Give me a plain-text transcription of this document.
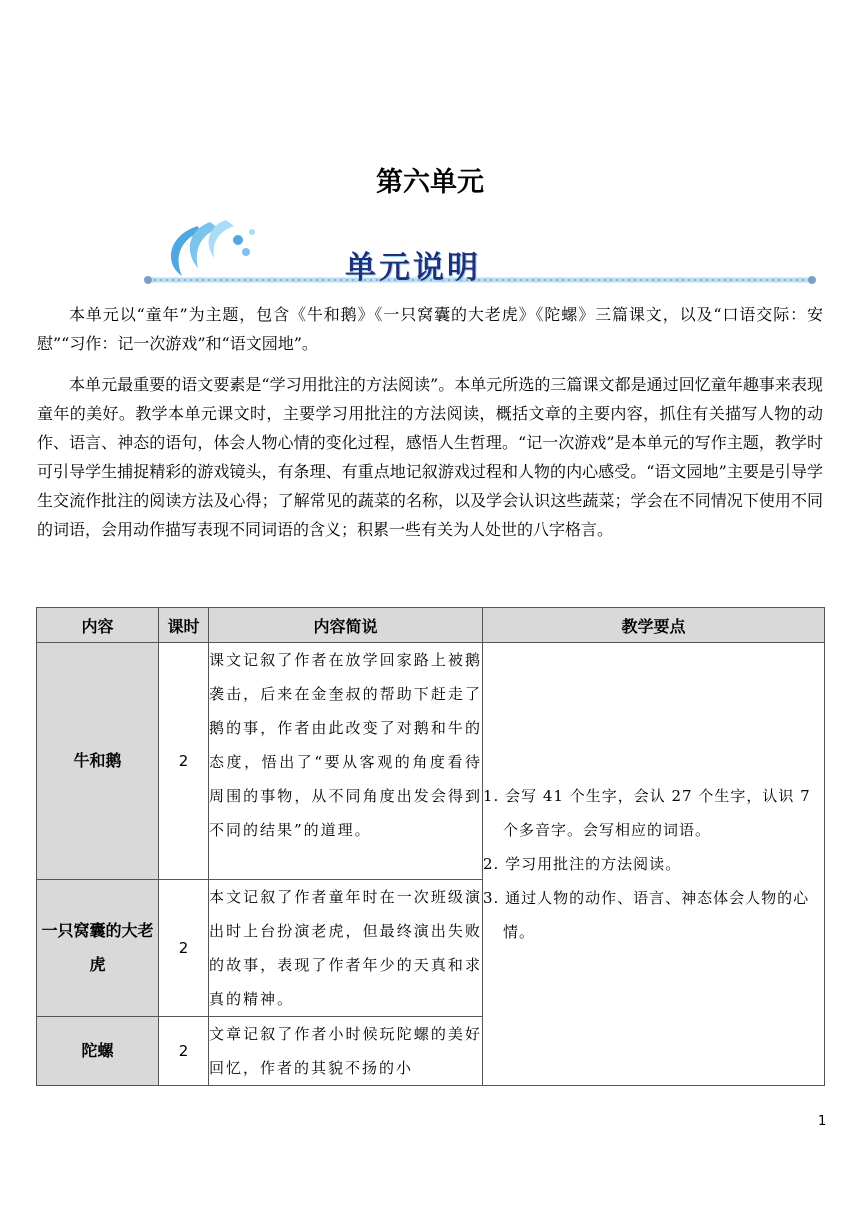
第六单元
单元说明

本单元以“童年”为主题，包含《牛和鹅》《一只窝囊的大老虎》《陀螺》三篇课文，以及“口语交际：安慰”“习作：记一次游戏”和“语文园地”。

本单元最重要的语文要素是“学习用批注的方法阅读”。本单元所选的三篇课文都是通过回忆童年趣事来表现童年的美好。教学本单元课文时，主要学习用批注的方法阅读，概括文章的主要内容，抓住有关描写人物的动作、语言、神态的语句，体会人物心情的变化过程，感悟人生哲理。“记一次游戏”是本单元的写作主题，教学时可引导学生捕捉精彩的游戏镜头，有条理、有重点地记叙游戏过程和人物的内心感受。“语文园地”主要是引导学生交流作批注的阅读方法及心得；了解常见的蔬菜的名称，以及学会认识这些蔬菜；学会在不同情况下使用不同的词语，会用动作描写表现不同词语的含义；积累一些有关为人处世的八字格言。

内容	课时	内容简说	教学要点
牛和鹅	2	课文记叙了作者在放学回家路上被鹅袭击，后来在金奎叔的帮助下赶走了鹅的事，作者由此改变了对鹅和牛的态度，悟出了“要从客观的角度看待周围的事物，从不同角度出发会得到不同的结果”的道理。	1. 会写 41 个生字，会认 27 个生字，认识 7 个多音字。会写相应的词语。
2. 学习用批注的方法阅读。
3. 通过人物的动作、语言、神态体会人物的心情。

一只窝囊的大老虎	2	本文记叙了作者童年时在一次班级演出时上台扮演老虎，但最终演出失败的故事，表现了作者年少的天真和求真的精神。	
陀螺	2	文章记叙了作者小时候玩陀螺的美好回忆，作者的其貌不扬的小	
1
